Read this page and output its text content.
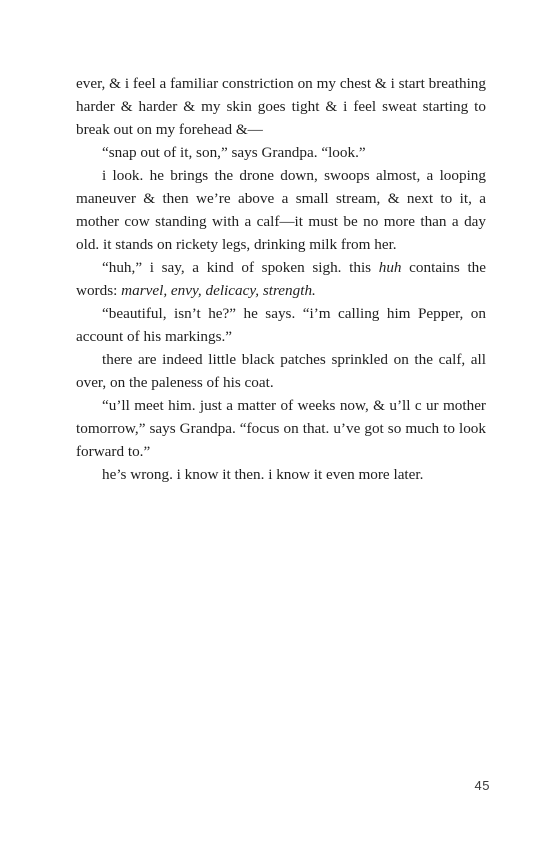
ever, & i feel a familiar constriction on my chest & i start breathing harder & harder & my skin goes tight & i feel sweat starting to break out on my forehead &—

“snap out of it, son,” says Grandpa. “look.”

i look. he brings the drone down, swoops almost, a looping maneuver & then we’re above a small stream, & next to it, a mother cow standing with a calf—it must be no more than a day old. it stands on rickety legs, drinking milk from her.

“huh,” i say, a kind of spoken sigh. this huh contains the words: marvel, envy, delicacy, strength.

“beautiful, isn’t he?” he says. “i’m calling him Pepper, on account of his markings.”

there are indeed little black patches sprinkled on the calf, all over, on the paleness of his coat.

“u’ll meet him. just a matter of weeks now, & u’ll c ur mother tomorrow,” says Grandpa. “focus on that. u’ve got so much to look forward to.”

he’s wrong. i know it then. i know it even more later.

45
